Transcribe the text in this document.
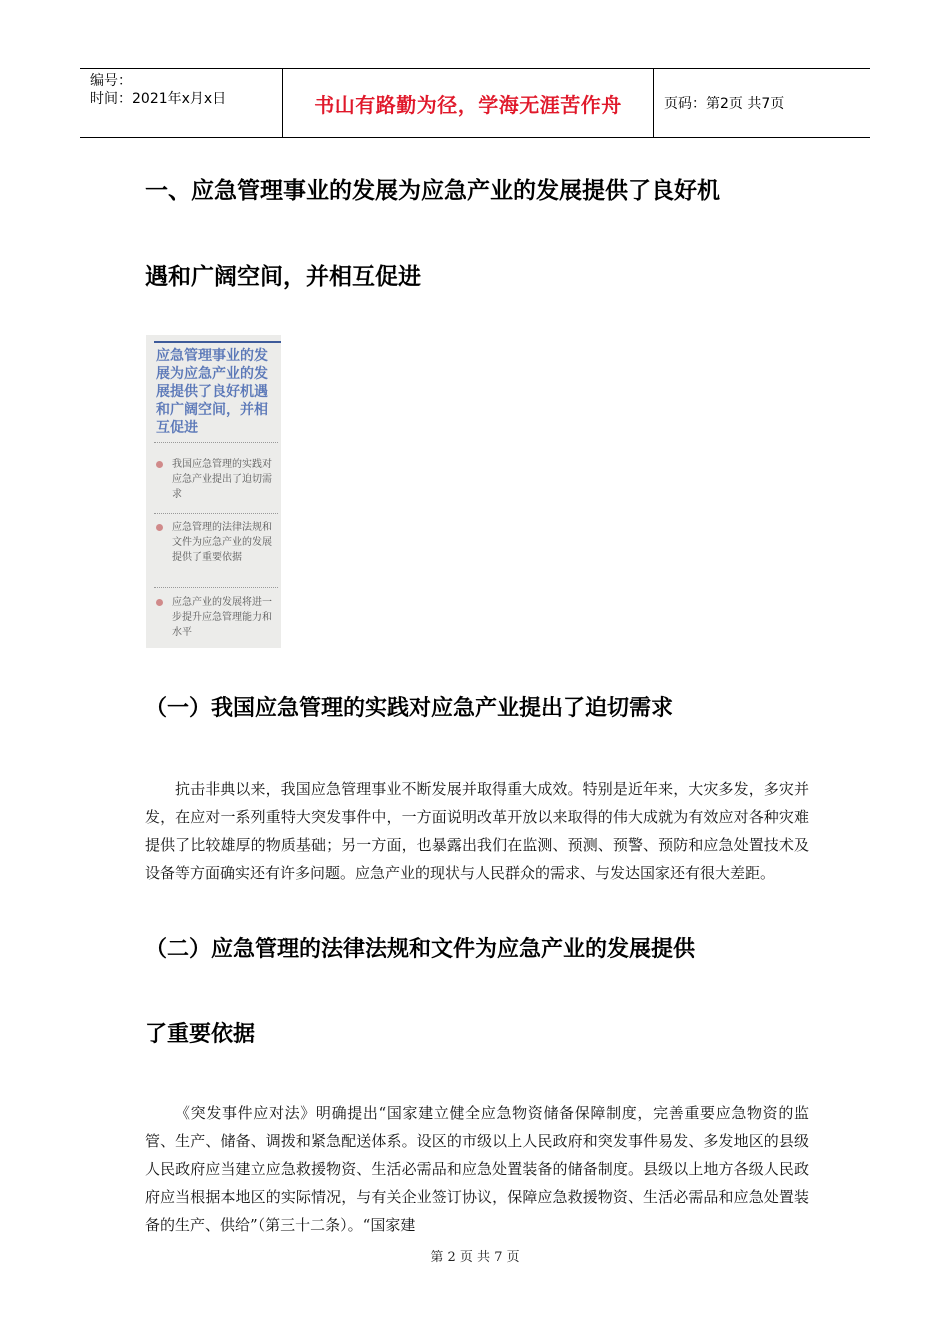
编号：
时间：2021年x月x日	书山有路勤为径，学海无涯苦作舟	页码：第2页 共7页
一、应急管理事业的发展为应急产业的发展提供了良好机
遇和广阔空间，并相互促进
应急管理事业的发展为应急产业的发展提供了良好机遇和广阔空间，并相互促进
我国应急管理的实践对应急产业提出了迫切需求
应急管理的法律法规和文件为应急产业的发展提供了重要依据
应急产业的发展将进一步提升应急管理能力和水平
（一）我国应急管理的实践对应急产业提出了迫切需求
抗击非典以来，我国应急管理事业不断发展并取得重大成效。特别是近年来，大灾多发，多灾并发，在应对一系列重特大突发事件中，一方面说明改革开放以来取得的伟大成就为有效应对各种灾难提供了比较雄厚的物质基础；另一方面，也暴露出我们在监测、预测、预警、预防和应急处置技术及设备等方面确实还有许多问题。应急产业的现状与人民群众的需求、与发达国家还有很大差距。
（二）应急管理的法律法规和文件为应急产业的发展提供
了重要依据
《突发事件应对法》明确提出“国家建立健全应急物资储备保障制度，完善重要应急物资的监管、生产、储备、调拨和紧急配送体系。设区的市级以上人民政府和突发事件易发、多发地区的县级人民政府应当建立应急救援物资、生活必需品和应急处置装备的储备制度。县级以上地方各级人民政府应当根据本地区的实际情况，与有关企业签订协议，保障应急救援物资、生活必需品和应急处置装备的生产、供给”（第三十二条）。“国家建
第 2 页 共 7 页
